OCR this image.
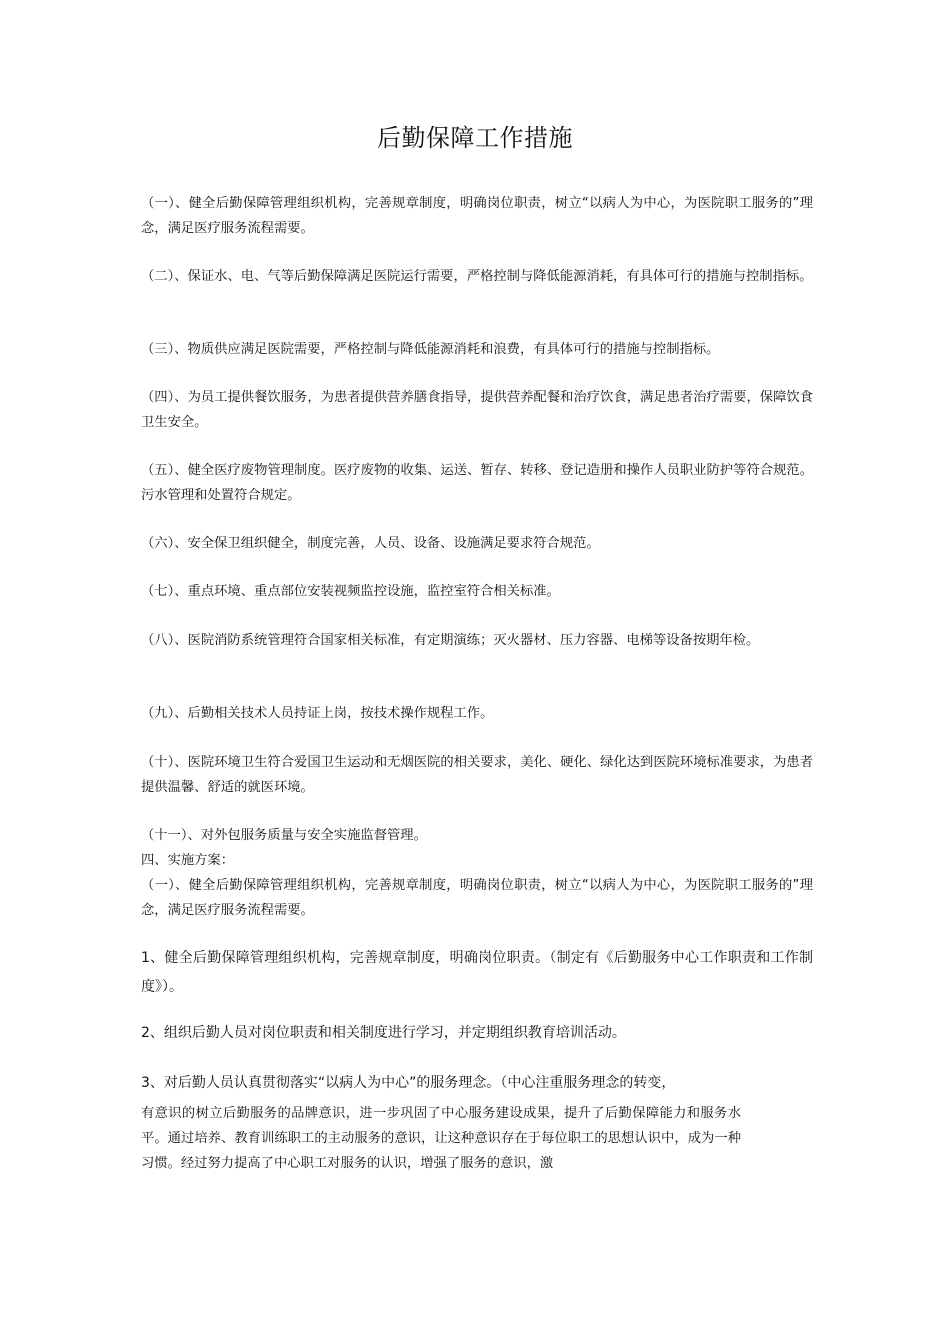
后勤保障工作措施

（一）、健全后勤保障管理组织机构，完善规章制度，明确岗位职责，树立“以病人为中心，为医院职工服务的”理念，满足医疗服务流程需要。

（二）、保证水、电、气等后勤保障满足医院运行需要，严格控制与降低能源消耗，有具体可行的措施与控制指标。

（三）、物质供应满足医院需要，严格控制与降低能源消耗和浪费，有具体可行的措施与控制指标。

（四）、为员工提供餐饮服务，为患者提供营养膳食指导，提供营养配餐和治疗饮食，满足患者治疗需要，保障饮食卫生安全。

（五）、健全医疗废物管理制度。医疗废物的收集、运送、暂存、转移、登记造册和操作人员职业防护等符合规范。污水管理和处置符合规定。

（六）、安全保卫组织健全，制度完善，人员、设备、设施满足要求符合规范。

（七）、重点环境、重点部位安装视频监控设施，监控室符合相关标准。

（八）、医院消防系统管理符合国家相关标准，有定期演练；灭火器材、压力容器、电梯等设备按期年检。

（九）、后勤相关技术人员持证上岗，按技术操作规程工作。

（十）、医院环境卫生符合爱国卫生运动和无烟医院的相关要求，美化、硬化、绿化达到医院环境标准要求，为患者提供温馨、舒适的就医环境。

（十一）、对外包服务质量与安全实施监督管理。

四、实施方案：

（一）、健全后勤保障管理组织机构，完善规章制度，明确岗位职责，树立“以病人为中心，为医院职工服务的”理念，满足医疗服务流程需要。

1、健全后勤保障管理组织机构，完善规章制度，明确岗位职责。（制定有《后勤服务中心工作职责和工作制度》）。

2、组织后勤人员对岗位职责和相关制度进行学习，并定期组织教育培训活动。

3、对后勤人员认真贯彻落实“以病人为中心”的服务理念。（中心注重服务理念的转变，

有意识的树立后勤服务的品牌意识，进一步巩固了中心服务建设成果，提升了后勤保障能力和服务水平。通过培养、教育训练职工的主动服务的意识，让这种意识存在于每位职工的思想认识中，成为一种习惯。经过努力提高了中心职工对服务的认识，增强了服务的意识，激
